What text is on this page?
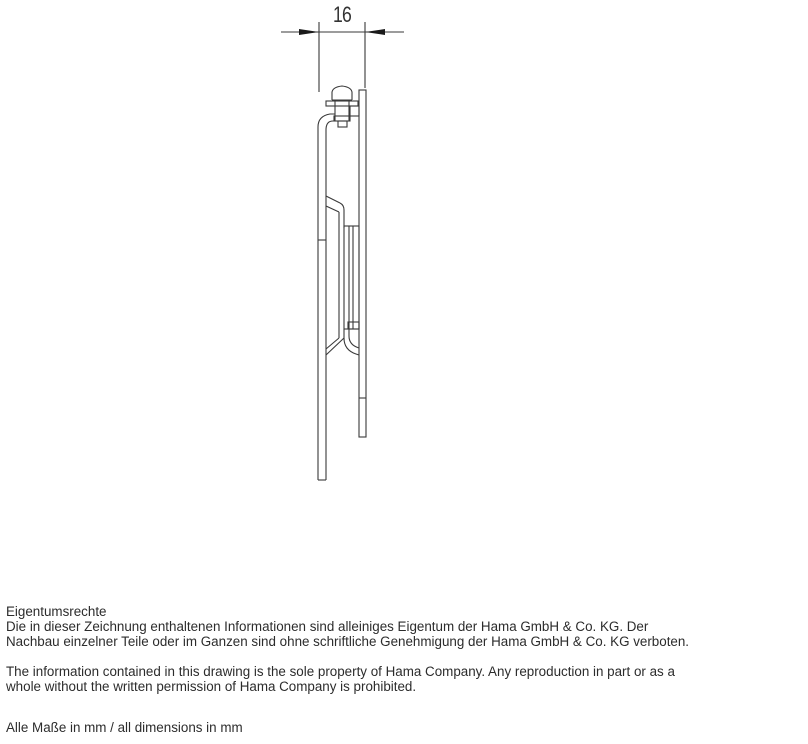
16

Eigentumsrechte

Die in dieser Zeichnung enthaltenen Informationen sind alleiniges Eigentum der Hama GmbH & Co. KG. Der

Nachbau einzelner Teile oder im Ganzen sind ohne schriftliche Genehmigung der Hama GmbH & Co. KG verboten.

The information contained in this drawing is the sole property of Hama Company. Any reproduction in part or as a

whole without the written permission of Hama Company is prohibited.

Alle Maße in mm / all dimensions in mm
